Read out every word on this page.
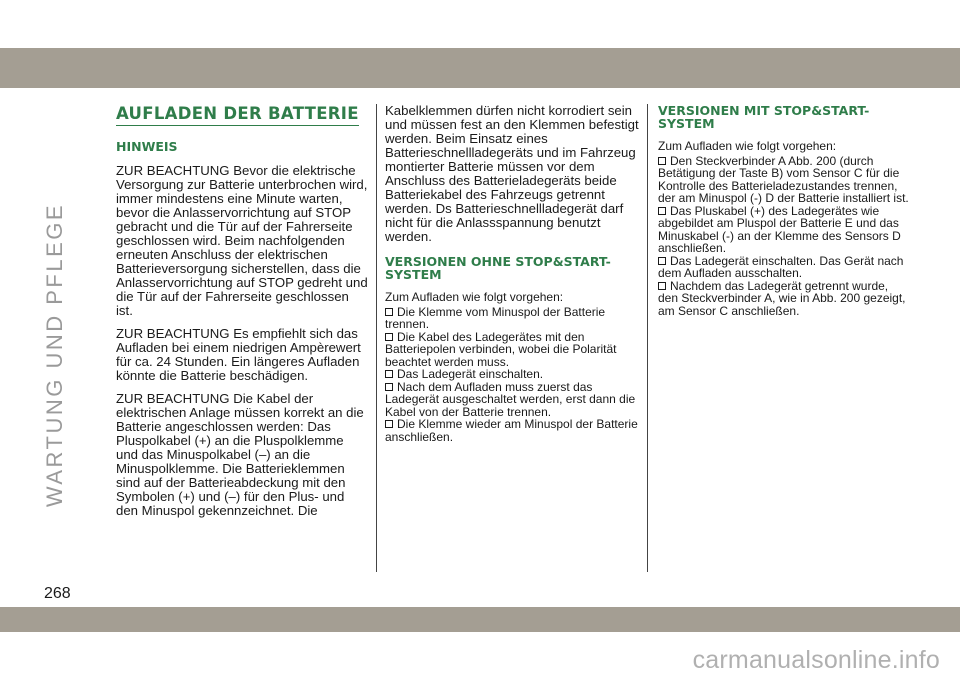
WARTUNG UND PFLEGE
AUFLADEN DER BATTERIE
HINWEIS

ZUR BEACHTUNG Bevor die elektrische Versorgung zur Batterie unterbrochen wird, immer mindestens eine Minute warten, bevor die Anlasservorrichtung auf STOP gebracht und die Tür auf der Fahrerseite geschlossen wird. Beim nachfolgenden erneuten Anschluss der elektrischen Batterieversorgung sicherstellen, dass die Anlasservorrichtung auf STOP gedreht und die Tür auf der Fahrerseite geschlossen ist.

ZUR BEACHTUNG Es empfiehlt sich das Aufladen bei einem niedrigen Ampèrewert für ca. 24 Stunden. Ein längeres Aufladen könnte die Batterie beschädigen.

ZUR BEACHTUNG Die Kabel der elektrischen Anlage müssen korrekt an die Batterie angeschlossen werden: Das Pluspolkabel (+) an die Pluspolklemme und das Minuspolkabel (–) an die Minuspolklemme. Die Batterieklemmen sind auf der Batterieabdeckung mit den Symbolen (+) und (–) für den Plus- und den Minuspol gekennzeichnet. Die

Kabelklemmen dürfen nicht korrodiert sein und müssen fest an den Klemmen befestigt werden. Beim Einsatz eines Batterieschnellladegeräts und im Fahrzeug montierter Batterie müssen vor dem Anschluss des Batterieladegeräts beide Batteriekabel des Fahrzeugs getrennt werden. Ds Batterieschnellladegerät darf nicht für die Anlassspannung benutzt werden.

VERSIONEN OHNE STOP&START-SYSTEM

Zum Aufladen wie folgt vorgehen:

Die Klemme vom Minuspol der Batterie trennen.
Die Kabel des Ladegerätes mit den Batteriepolen verbinden, wobei die Polarität beachtet werden muss.
Das Ladegerät einschalten.
Nach dem Aufladen muss zuerst das Ladegerät ausgeschaltet werden, erst dann die Kabel von der Batterie trennen.
Die Klemme wieder am Minuspol der Batterie anschließen.
VERSIONEN MIT STOP&START-SYSTEM

Zum Aufladen wie folgt vorgehen:

Den Steckverbinder A Abb. 200 (durch Betätigung der Taste B) vom Sensor C für die Kontrolle des Batterieladezustandes trennen, der am Minuspol (-) D der Batterie installiert ist.
Das Pluskabel (+) des Ladegerätes wie abgebildet am Pluspol der Batterie E und das Minuskabel (-) an der Klemme des Sensors D anschließen.
Das Ladegerät einschalten. Das Gerät nach dem Aufladen ausschalten.
Nachdem das Ladegerät getrennt wurde, den Steckverbinder A, wie in Abb. 200 gezeigt, am Sensor C anschließen.
268
carmanualsonline.info
